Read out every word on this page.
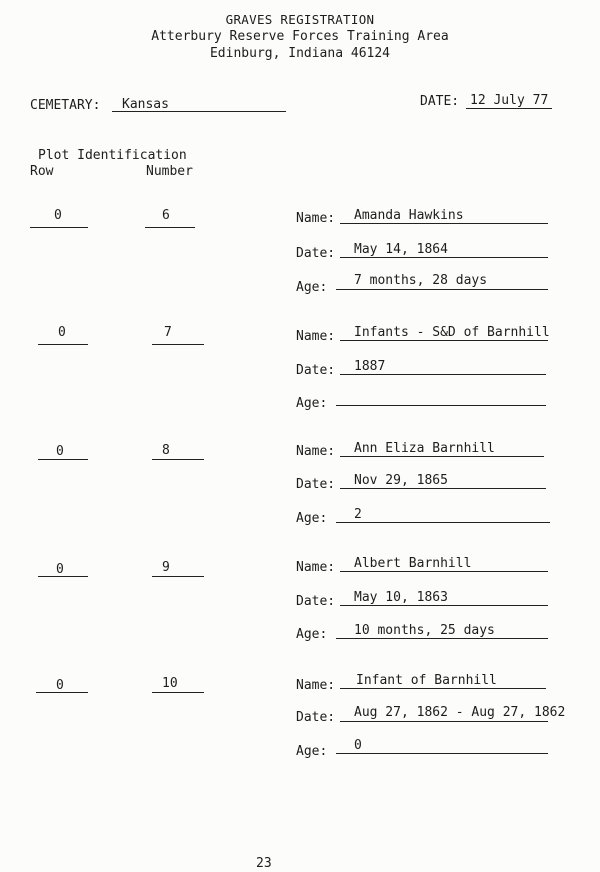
GRAVES REGISTRATION
Atterbury Reserve Forces Training Area
Edinburg, Indiana 46124
CEMETARY: Kansas	DATE: 12 July 77
Plot Identification
Row	Number
0	6	Name: Amanda Hawkins
Date: May 14, 1864
Age: 7 months, 28 days
0	7	Name: Infants - S&D of Barnhill
Date: 1887
Age:
0	8	Name: Ann Eliza Barnhill
Date: Nov 29, 1865
Age: 2
0	9	Name: Albert Barnhill
Date: May 10, 1863
Age: 10 months, 25 days
0	10	Name: Infant of Barnhill
Date: Aug 27, 1862 - Aug 27, 1862
Age: 0
23
